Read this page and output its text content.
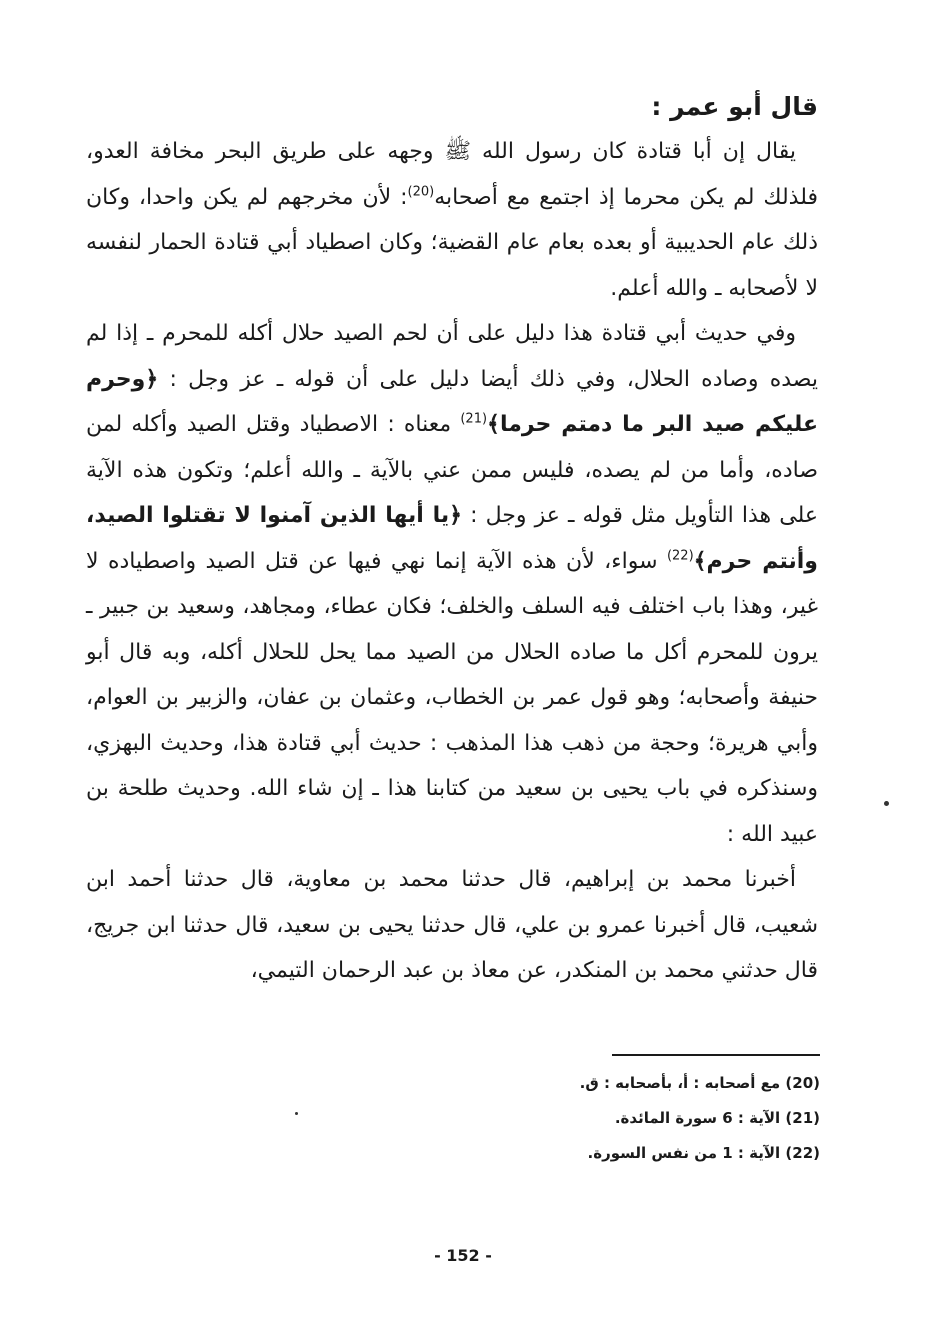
قال أبو عمر :

يقال إن أبا قتادة كان رسول الله ﷺ وجهه على طريق البحر مخافة العدو، فلذلك لم يكن محرما إذ اجتمع مع أصحابه$^{(20)}$: لأن مخرجهم لم يكن واحدا، وكان ذلك عام الحديبية أو بعده بعام عام القضية؛ وكان اصطياد أبي قتادة الحمار لنفسه لا لأصحابه ـ والله أعلم.

وفي حديث أبي قتادة هذا دليل على أن لحم الصيد حلال أكله للمحرم ـ إذا لم يصده وصاده الحلال، وفي ذلك أيضا دليل على أن قوله ـ عز وجل : ﴿وحرم عليكم صيد البر ما دمتم حرما﴾$^{(21)}$ معناه : الاصطياد وقتل الصيد وأكله لمن صاده، وأما من لم يصده، فليس ممن عني بالآية ـ والله أعلم؛ وتكون هذه الآية على هذا التأويل مثل قوله ـ عز وجل : ﴿يا أيها الذين آمنوا لا تقتلوا الصيد، وأنتم حرم﴾$^{(22)}$ سواء، لأن هذه الآية إنما نهي فيها عن قتل الصيد واصطياده لا غير، وهذا باب اختلف فيه السلف والخلف؛ فكان عطاء، ومجاهد، وسعيد بن جبير ـ يرون للمحرم أكل ما صاده الحلال من الصيد مما يحل للحلال أكله، وبه قال أبو حنيفة وأصحابه؛ وهو قول عمر بن الخطاب، وعثمان بن عفان، والزبير بن العوام، وأبي هريرة؛ وحجة من ذهب هذا المذهب : حديث أبي قتادة هذا، وحديث البهزي، وسنذكره في باب يحيى بن سعيد من كتابنا هذا ـ إن شاء الله. وحديث طلحة بن عبيد الله :

أخبرنا محمد بن إبراهيم، قال حدثنا محمد بن معاوية، قال حدثنا أحمد ابن شعيب، قال أخبرنا عمرو بن علي، قال حدثنا يحيى بن سعيد، قال حدثنا ابن جريج، قال حدثني محمد بن المنكدر، عن معاذ بن عبد الرحمان التيمي،

(20) مع أصحابه : أ، بأصحابه : ق.

(21) الآية : 6 سورة المائدة.

(22) الآية : 1 من نفس السورة.

- 152 -
